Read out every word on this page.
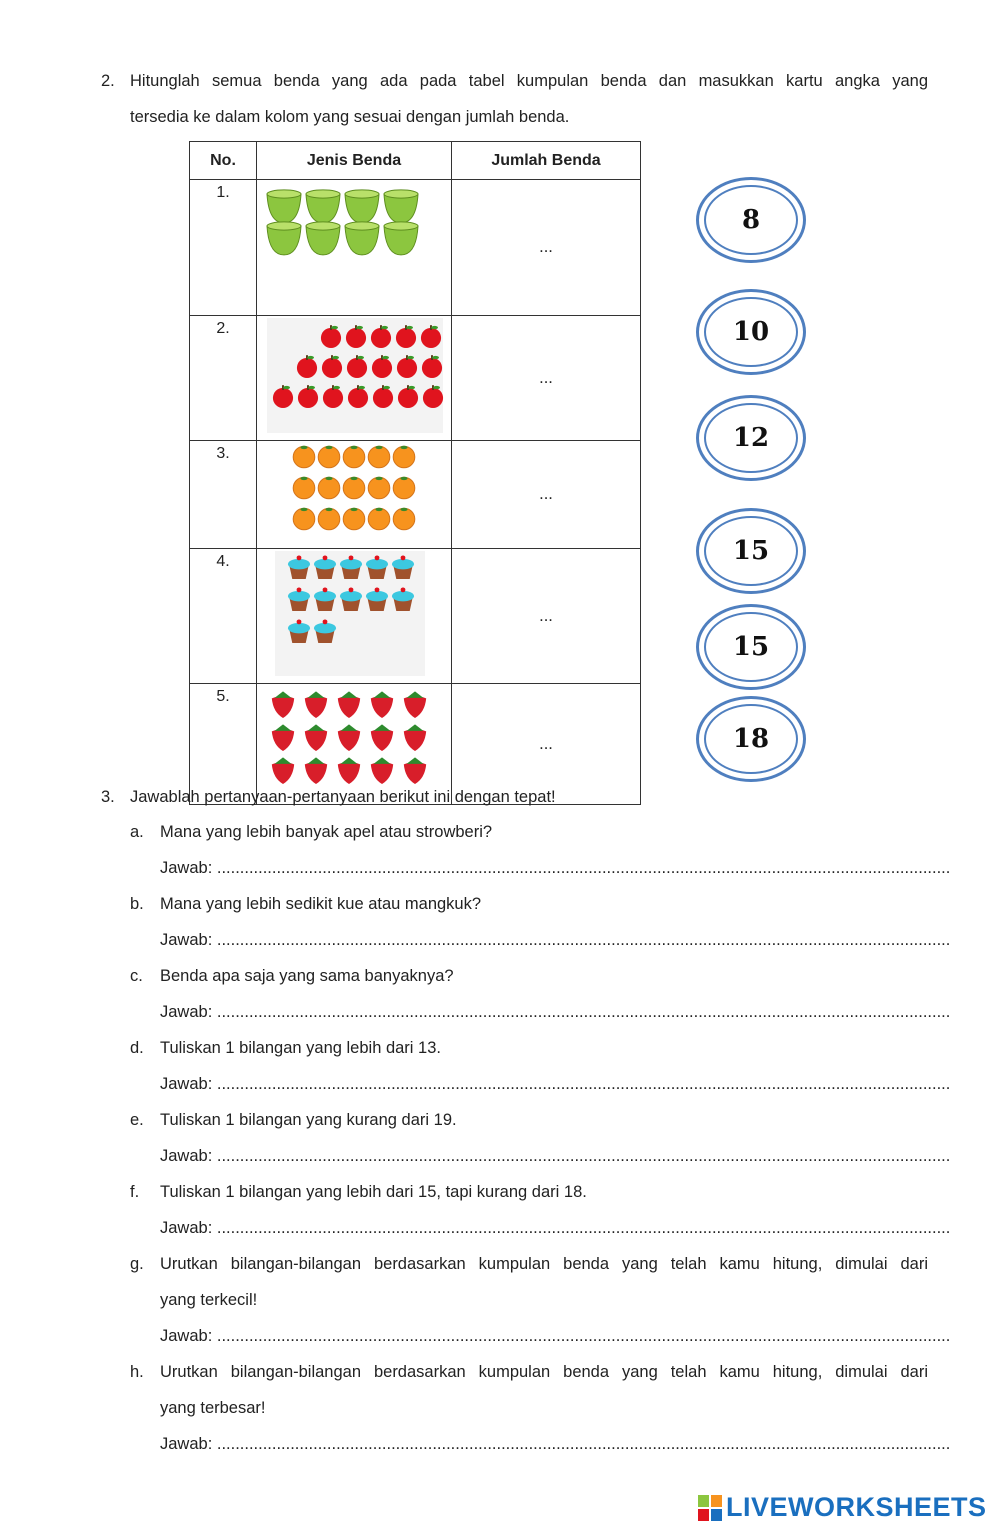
2. Hitunglah semua benda yang ada pada tabel kumpulan benda dan masukkan kartu angka yang
tersedia ke dalam kolom yang sesuai dengan jumlah benda.
No.	Jenis Benda	Jumlah Benda
1.		...
2.		...
3.		...
4.		...
5.		...
8
10
12
15
15
18
3. Jawablah pertanyaan-pertanyaan berikut ini dengan tepat!
a. Mana yang lebih banyak apel atau strowberi?
Jawab: ................................................................................................................................................................
b. Mana yang lebih sedikit kue atau mangkuk?
Jawab: ................................................................................................................................................................
c. Benda apa saja yang sama banyaknya?
Jawab: ................................................................................................................................................................
d. Tuliskan 1 bilangan yang lebih dari 13.
Jawab: ................................................................................................................................................................
e. Tuliskan 1 bilangan yang kurang dari 19.
Jawab: ................................................................................................................................................................
f. Tuliskan 1 bilangan yang lebih dari 15, tapi kurang dari 18.
Jawab: ................................................................................................................................................................
g. Urutkan bilangan-bilangan berdasarkan kumpulan benda yang telah kamu hitung, dimulai dari
yang terkecil!
Jawab: ................................................................................................................................................................
h. Urutkan bilangan-bilangan berdasarkan kumpulan benda yang telah kamu hitung, dimulai dari
yang terbesar!
Jawab: ................................................................................................................................................................
LIVEWORKSHEETS
